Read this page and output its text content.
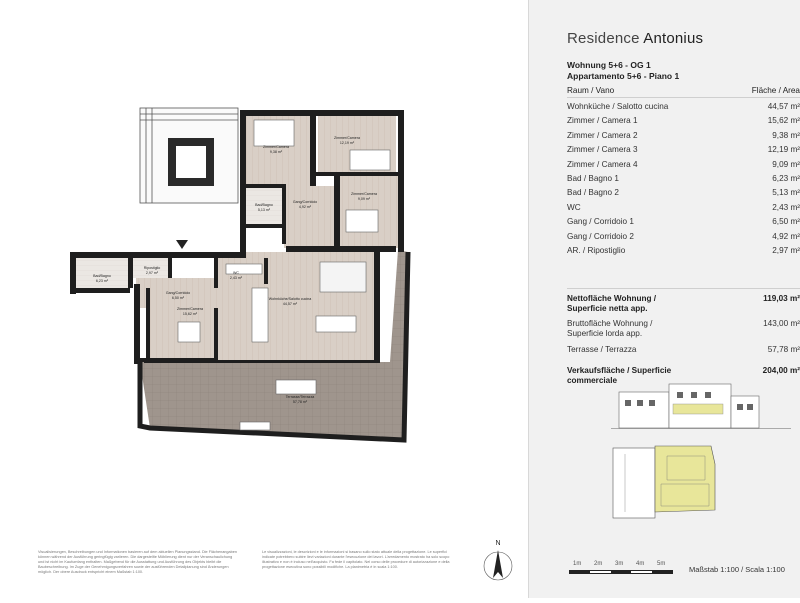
Zimmer/Camera
9,38 m²
Zimmer/Camera
12,19 m²
Zimmer/Camera
9,09 m²
Bad/Bagno
5,13 m²
Gang/Corridoio
4,92 m²
Bad/Bagno
6,23 m²
Ripostiglio
2,97 m²	WC
2,43 m²
Gang/Corridoio
6,50 m²	Wohnküche/Salotto cucina
44,57 m²
Zimmer/Camera
15,62 m²
Terrasse/Terrazza
57,78 m²
N
Visualisierungen, Beschreibungen und Informationen basieren auf dem aktuellen Planungsstand. Die Flächenangaben können während der Ausführung geringfügig variieren. Die dargestellte Möblierung dient nur der Veranschaulichung und ist nicht im Kaufumfang enthalten. Maßgebend für die Ausstattung und Ausführung des Objekts bleibt die Baubeschreibung. Im Zuge der Genehmigungsverfahren sowie der ausführenden Detailplanung sind Änderungen möglich. Der obere Ausdruck entspricht einem Maßstab 1:100.
Le visualizzazioni, le descrizioni e le informazioni si basano sullo stato attuale della progettazione. Le superfici indicate potrebbero subire lievi variazioni durante l'esecuzione dei lavori. L'arredamento mostrato ha solo scopo illustrativo e non è incluso nell'acquisto. Fa fede il capitolato. Nel corso delle procedure di autorizzazione e della progettazione esecutiva sono possibili modifiche. La planimetria è in scala 1:100.
Residence Antonius
Wohnung 5+6 - OG 1
Appartamento 5+6 - Piano 1
Raum / Vano	Fläche / Area
Wohnküche / Salotto cucina	44,57 m²
Zimmer / Camera 1	15,62 m²
Zimmer / Camera 2	9,38 m²
Zimmer / Camera 3	12,19 m²
Zimmer / Camera 4	9,09 m²
Bad / Bagno 1	6,23 m²
Bad / Bagno 2	5,13 m²
WC	2,43 m²
Gang / Corridoio 1	6,50 m²
Gang / Corridoio 2	4,92 m²
AR. / Ripostiglio	2,97 m²
Nettofläche Wohnung /
Superficie netta app.
119,03 m²
Bruttofläche Wohnung /
Superficie lorda app.
143,00 m²
Terrasse / Terrazza	57,78 m²
1m 2m 3m 4m 5m
Maßstab 1:100 / Scala 1:100
Verkaufsfläche / Superficie
commerciale
204,00 m²
